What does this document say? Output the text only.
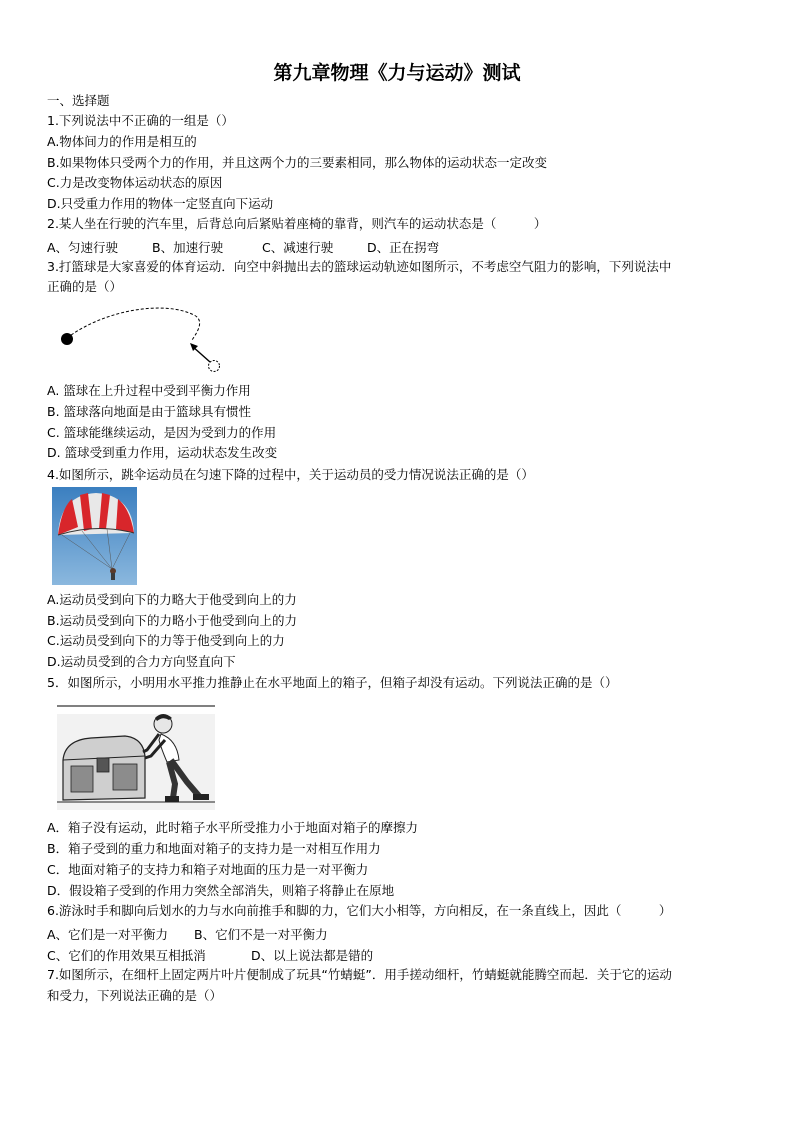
第九章物理《力与运动》测试
一、选择题
1.下列说法中不正确的一组是（）
A.物体间力的作用是相互的
B.如果物体只受两个力的作用，并且这两个力的三要素相同，那么物体的运动状态一定改变
C.力是改变物体运动状态的原因
D.只受重力作用的物体一定竖直向下运动
2.某人坐在行驶的汽车里，后背总向后紧贴着座椅的靠背，则汽车的运动状态是（　　　）
A、匀速行驶	B、加速行驶	C、减速行驶	D、正在拐弯
3.打篮球是大家喜爱的体育运动．向空中斜抛出去的篮球运动轨迹如图所示，不考虑空气阻力的影响，下列说法中
正确的是（）
A. 篮球在上升过程中受到平衡力作用
B. 篮球落向地面是由于篮球具有惯性
C. 篮球能继续运动，是因为受到力的作用
D. 篮球受到重力作用，运动状态发生改变
4.如图所示，跳伞运动员在匀速下降的过程中，关于运动员的受力情况说法正确的是（）
A.运动员受到向下的力略大于他受到向上的力
B.运动员受到向下的力略小于他受到向上的力
C.运动员受到向下的力等于他受到向上的力
D.运动员受到的合力方向竖直向下
5．如图所示，小明用水平推力推静止在水平地面上的箱子，但箱子却没有运动。下列说法正确的是（）
A．箱子没有运动，此时箱子水平所受推力小于地面对箱子的摩擦力
B．箱子受到的重力和地面对箱子的支持力是一对相互作用力
C．地面对箱子的支持力和箱子对地面的压力是一对平衡力
D．假设箱子受到的作用力突然全部消失，则箱子将静止在原地
6.游泳时手和脚向后划水的力与水向前推手和脚的力，它们大小相等，方向相反，在一条直线上，因此（　　　）
A、它们是一对平衡力 B、它们不是一对平衡力
C、它们的作用效果互相抵消	D、以上说法都是错的
7.如图所示，在细杆上固定两片叶片便制成了玩具“竹蜻蜓”．用手搓动细杆，竹蜻蜓就能腾空而起．关于它的运动
和受力，下列说法正确的是（）
